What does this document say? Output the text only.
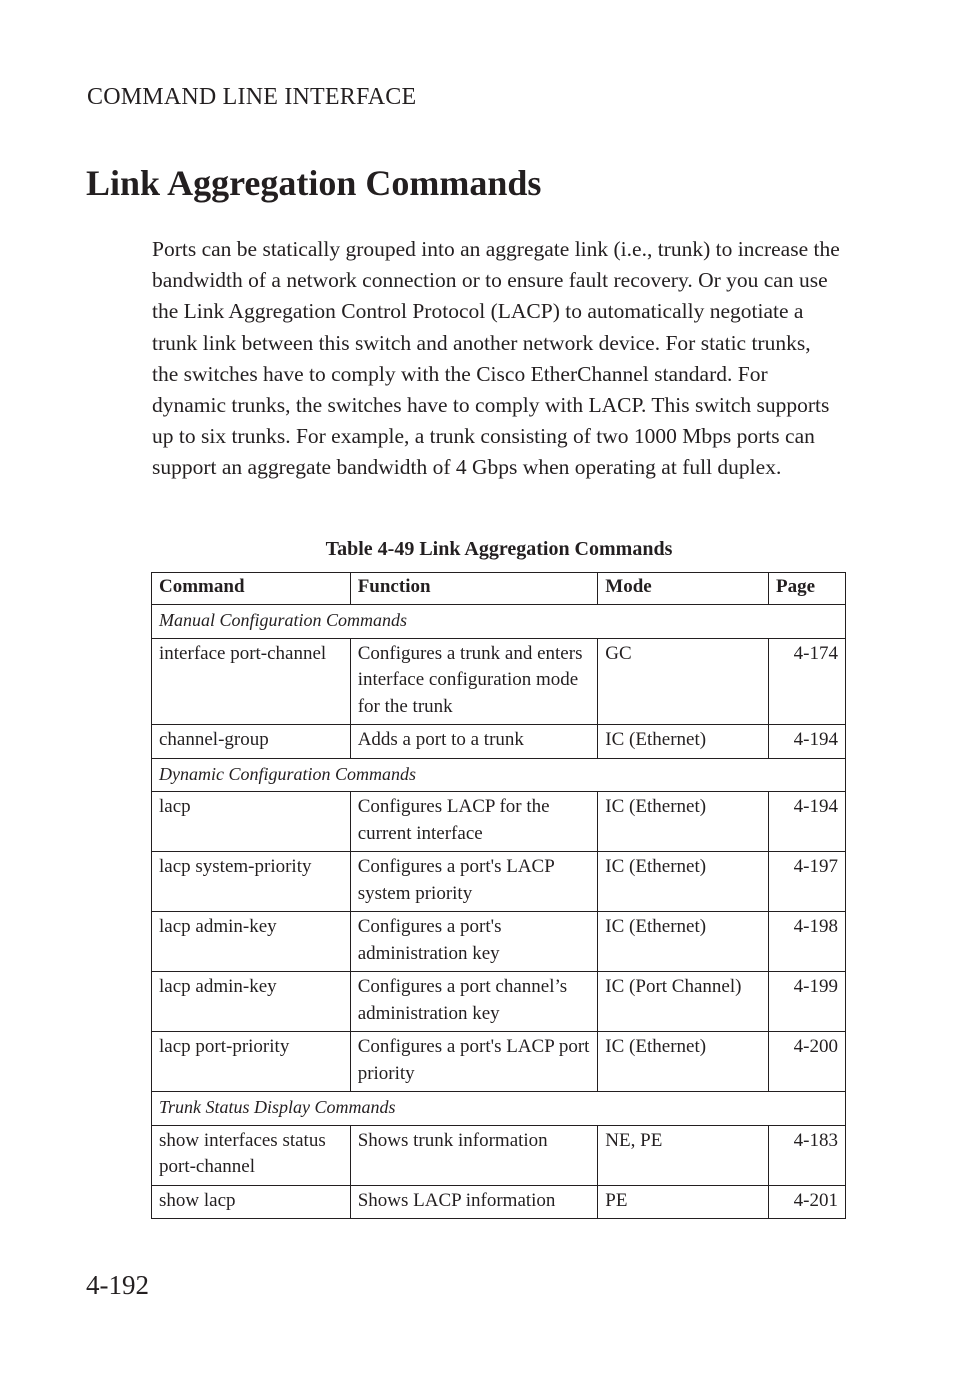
COMMAND LINE INTERFACE
Link Aggregation Commands

Ports can be statically grouped into an aggregate link (i.e., trunk) to increase the bandwidth of a network connection or to ensure fault recovery. Or you can use the Link Aggregation Control Protocol (LACP) to automatically negotiate a trunk link between this switch and another network device. For static trunks, the switches have to comply with the Cisco EtherChannel standard. For dynamic trunks, the switches have to comply with LACP. This switch supports up to six trunks. For example, a trunk consisting of two 1000 Mbps ports can support an aggregate bandwidth of 4 Gbps when operating at full duplex.

Table 4-49 Link Aggregation Commands
Command	Function	Mode	Page
Manual Configuration Commands			
interface port-channel	Configures a trunk and enters interface configuration mode for the trunk	GC	4-174
channel-group	Adds a port to a trunk	IC (Ethernet)	4-194
Dynamic Configuration Commands			
lacp	Configures LACP for the current interface	IC (Ethernet)	4-194
lacp system-priority	Configures a port's LACP system priority	IC (Ethernet)	4-197
lacp admin-key	Configures a port's administration key	IC (Ethernet)	4-198
lacp admin-key	Configures a port channel’s administration key	IC (Port Channel)	4-199
lacp port-priority	Configures a port's LACP port priority	IC (Ethernet)	4-200
Trunk Status Display Commands			
show interfaces status port-channel	Shows trunk information	NE, PE	4-183
show lacp	Shows LACP information	PE	4-201
4-192
